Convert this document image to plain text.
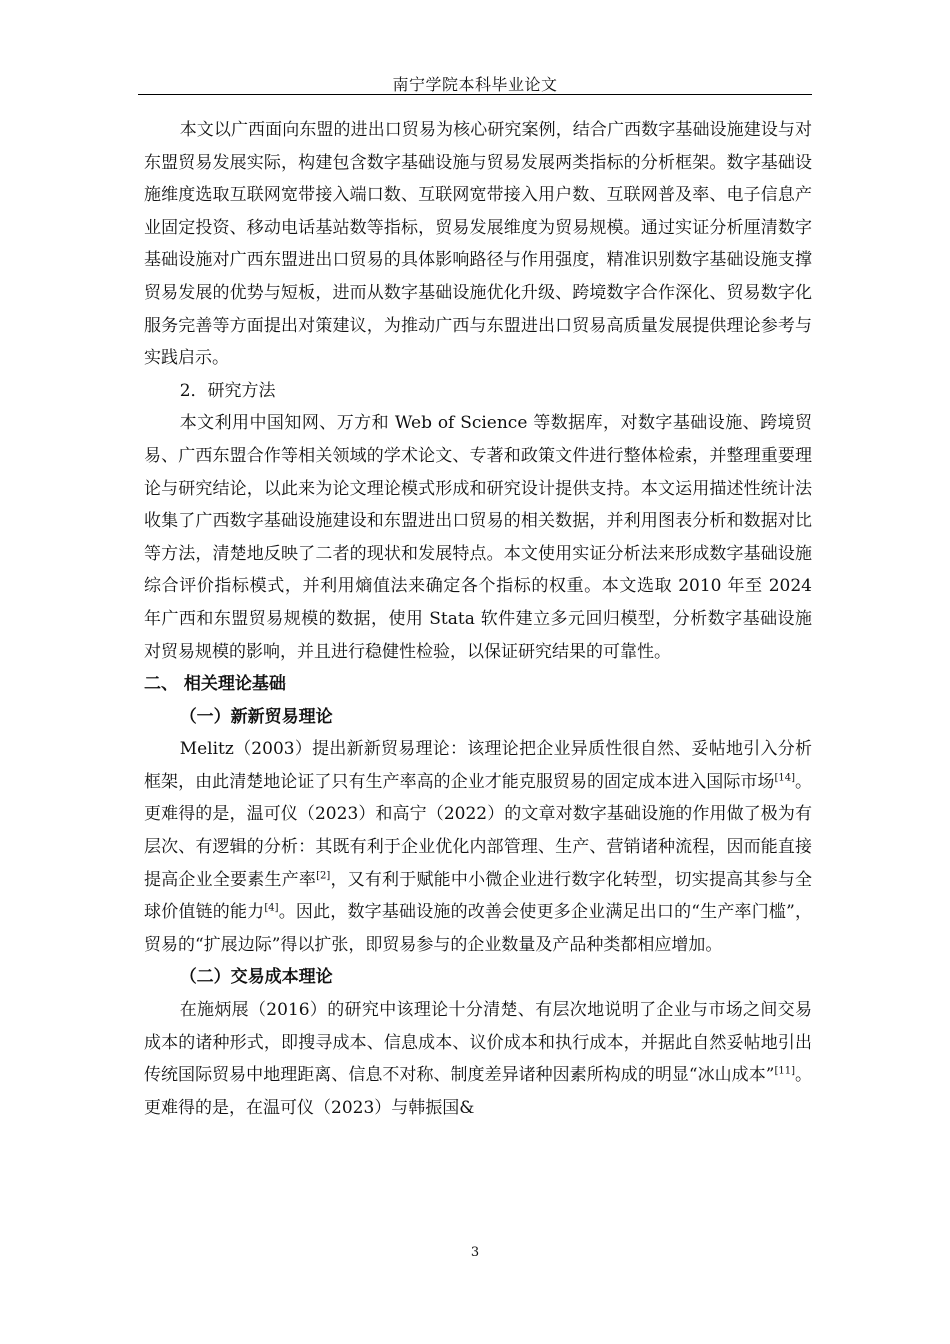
南宁学院本科毕业论文

本文以广西面向东盟的进出口贸易为核心研究案例，结合广西数字基础设施建设与对东盟贸易发展实际，构建包含数字基础设施与贸易发展两类指标的分析框架。数字基础设施维度选取互联网宽带接入端口数、互联网宽带接入用户数、互联网普及率、电子信息产业固定投资、移动电话基站数等指标，贸易发展维度为贸易规模。通过实证分析厘清数字基础设施对广西东盟进出口贸易的具体影响路径与作用强度，精准识别数字基础设施支撑贸易发展的优势与短板，进而从数字基础设施优化升级、跨境数字合作深化、贸易数字化服务完善等方面提出对策建议，为推动广西与东盟进出口贸易高质量发展提供理论参考与实践启示。

2．研究方法

本文利用中国知网、万方和 Web of Science 等数据库，对数字基础设施、跨境贸易、广西东盟合作等相关领域的学术论文、专著和政策文件进行整体检索，并整理重要理论与研究结论，以此来为论文理论模式形成和研究设计提供支持。本文运用描述性统计法收集了广西数字基础设施建设和东盟进出口贸易的相关数据，并利用图表分析和数据对比等方法，清楚地反映了二者的现状和发展特点。本文使用实证分析法来形成数字基础设施综合评价指标模式，并利用熵值法来确定各个指标的权重。本文选取 2010 年至 2024 年广西和东盟贸易规模的数据，使用 Stata 软件建立多元回归模型，分析数字基础设施对贸易规模的影响，并且进行稳健性检验，以保证研究结果的可靠性。

二、 相关理论基础
（一）新新贸易理论

Melitz（2003）提出新新贸易理论：该理论把企业异质性很自然、妥帖地引入分析框架，由此清楚地论证了只有生产率高的企业才能克服贸易的固定成本进入国际市场[14]。更难得的是，温可仪（2023）和高宁（2022）的文章对数字基础设施的作用做了极为有层次、有逻辑的分析：其既有利于企业优化内部管理、生产、营销诸种流程，因而能直接提高企业全要素生产率[2]，又有利于赋能中小微企业进行数字化转型，切实提高其参与全球价值链的能力[4]。因此，数字基础设施的改善会使更多企业满足出口的“生产率门槛”，贸易的“扩展边际”得以扩张，即贸易参与的企业数量及产品种类都相应增加。

（二）交易成本理论

在施炳展（2016）的研究中该理论十分清楚、有层次地说明了企业与市场之间交易成本的诸种形式，即搜寻成本、信息成本、议价成本和执行成本，并据此自然妥帖地引出传统国际贸易中地理距离、信息不对称、制度差异诸种因素所构成的明显“冰山成本”[11]。更难得的是，在温可仪（2023）与韩振国&

3
